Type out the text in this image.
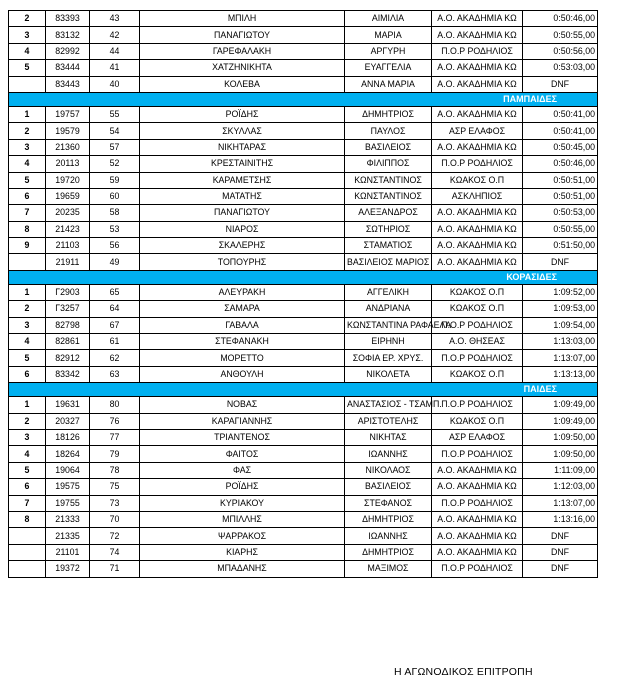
2	83393	43	ΜΠΙΛΗ	ΑΙΜΙΛΙΑ	Α.Ο. ΑΚΑΔΗΜΙΑ ΚΩ	0:50:46,00
3	83132	42	ΠΑΝΑΓΙΩΤΟΥ	ΜΑΡΙΑ	Α.Ο. ΑΚΑΔΗΜΙΑ ΚΩ	0:50:55,00
4	82992	44	ΓΑΡΕΦΑΛΑΚΗ	ΑΡΓΥΡΗ	Π.Ο.Ρ ΡΟΔΗΛΙΟΣ	0:50:56,00
5	83444	41	ΧΑΤΖΗΝΙΚΗΤΑ	ΕΥΑΓΓΕΛΙΑ	Α.Ο. ΑΚΑΔΗΜΙΑ ΚΩ	0:53:03,00
	83443	40	ΚΟΛΕΒΑ	ΑΝΝΑ ΜΑΡΙΑ	Α.Ο. ΑΚΑΔΗΜΙΑ ΚΩ	DNF
ΠΑΜΠΑΙΔΕΣ						
1	19757	55	ΡΟΪΔΗΣ	ΔΗΜΗΤΡΙΟΣ	Α.Ο. ΑΚΑΔΗΜΙΑ ΚΩ	0:50:41,00
2	19579	54	ΣΚΥΛΛΑΣ	ΠΑΥΛΟΣ	ΑΣΡ ΕΛΑΦΟΣ	0:50:41,00
3	21360	57	ΝΙΚΗΤΑΡΑΣ	ΒΑΣΙΛΕΙΟΣ	Α.Ο. ΑΚΑΔΗΜΙΑ ΚΩ	0:50:45,00
4	20113	52	ΚΡΕΣΤΑΙΝΙΤΗΣ	ΦΙΛΙΠΠΟΣ	Π.Ο.Ρ ΡΟΔΗΛΙΟΣ	0:50:46,00
5	19720	59	ΚΑΡΑΜΕΤΣΗΣ	ΚΩΝΣΤΑΝΤΙΝΟΣ	ΚΩΑΚΟΣ Ο.Π	0:50:51,00
6	19659	60	ΜΑΤΑΤΗΣ	ΚΩΝΣΤΑΝΤΙΝΟΣ	ΑΣΚΛΗΠΙΟΣ	0:50:51,00
7	20235	58	ΠΑΝΑΓΙΩΤΟΥ	ΑΛΕΞΑΝΔΡΟΣ	Α.Ο. ΑΚΑΔΗΜΙΑ ΚΩ	0:50:53,00
8	21423	53	ΝΙΑΡΟΣ	ΣΩΤΗΡΙΟΣ	Α.Ο. ΑΚΑΔΗΜΙΑ ΚΩ	0:50:55,00
9	21103	56	ΣΚΑΛΕΡΗΣ	ΣΤΑΜΑΤΙΟΣ	Α.Ο. ΑΚΑΔΗΜΙΑ ΚΩ	0:51:50,00
	21911	49	ΤΟΠΟΥΡΗΣ	ΒΑΣΙΛΕΙΟΣ ΜΑΡΙΟΣ	Α.Ο. ΑΚΑΔΗΜΙΑ ΚΩ	DNF
ΚΟΡΑΣΙΔΕΣ						
1	Γ2903	65	ΑΛΕΥΡΑΚΗ	ΑΓΓΕΛΙΚΗ	ΚΩΑΚΟΣ Ο.Π	1:09:52,00
2	Γ3257	64	ΣΑΜΑΡΑ	ΑΝΔΡΙΑΝΑ	ΚΩΑΚΟΣ Ο.Π	1:09:53,00
3	82798	67	ΓΑΒΑΛΑ	ΚΩΝΣΤΑΝΤΙΝΑ ΡΑΦΑΕΛΑ	Π.Ο.Ρ ΡΟΔΗΛΙΟΣ	1:09:54,00
4	82861	61	ΣΤΕΦΑΝΑΚΗ	ΕΙΡΗΝΗ	Α.Ο. ΘΗΣΕΑΣ	1:13:03,00
5	82912	62	ΜΟΡΕΤΤΟ	ΣΟΦΙΑ ΕΡ. ΧΡΥΣ.	Π.Ο.Ρ ΡΟΔΗΛΙΟΣ	1:13:07,00
6	83342	63	ΑΝΘΟΥΛΗ	ΝΙΚΟΛΕΤΑ	ΚΩΑΚΟΣ Ο.Π	1:13:13,00
ΠΑΙΔΕΣ						
1	19631	80	ΝΟΒΑΣ	ΑΝΑΣΤΑΣΙΟΣ - ΤΣΑΜΠ.	Π.Ο.Ρ ΡΟΔΗΛΙΟΣ	1:09:49,00
2	20327	76	ΚΑΡΑΓΙΑΝΝΗΣ	ΑΡΙΣΤΟΤΕΛΗΣ	ΚΩΑΚΟΣ Ο.Π	1:09:49,00
3	18126	77	ΤΡΙΑΝΤΕΝΟΣ	ΝΙΚΗΤΑΣ	ΑΣΡ ΕΛΑΦΟΣ	1:09:50,00
4	18264	79	ΦΑΙΤΟΣ	ΙΩΑΝΝΗΣ	Π.Ο.Ρ ΡΟΔΗΛΙΟΣ	1:09:50,00
5	19064	78	ΦΑΣ	ΝΙΚΟΛΑΟΣ	Α.Ο. ΑΚΑΔΗΜΙΑ ΚΩ	1:11:09,00
6	19575	75	ΡΟΪΔΗΣ	ΒΑΣΙΛΕΙΟΣ	Α.Ο. ΑΚΑΔΗΜΙΑ ΚΩ	1:12:03,00
7	19755	73	ΚΥΡΙΑΚΟΥ	ΣΤΕΦΑΝΟΣ	Π.Ο.Ρ ΡΟΔΗΛΙΟΣ	1:13:07,00
8	21333	70	ΜΠΙΛΛΗΣ	ΔΗΜΗΤΡΙΟΣ	Α.Ο. ΑΚΑΔΗΜΙΑ ΚΩ	1:13:16,00
	21335	72	ΨΑΡΡΑΚΟΣ	ΙΩΑΝΝΗΣ	Α.Ο. ΑΚΑΔΗΜΙΑ ΚΩ	DNF
	21101	74	ΚΙΑΡΗΣ	ΔΗΜΗΤΡΙΟΣ	Α.Ο. ΑΚΑΔΗΜΙΑ ΚΩ	DNF
	19372	71	ΜΠΑΔΑΝΗΣ	ΜΑΞΙΜΟΣ	Π.Ο.Ρ ΡΟΔΗΛΙΟΣ	DNF
Η ΑΓΩΝΟΔΙΚΟΣ ΕΠΙΤΡΟΠΗ
